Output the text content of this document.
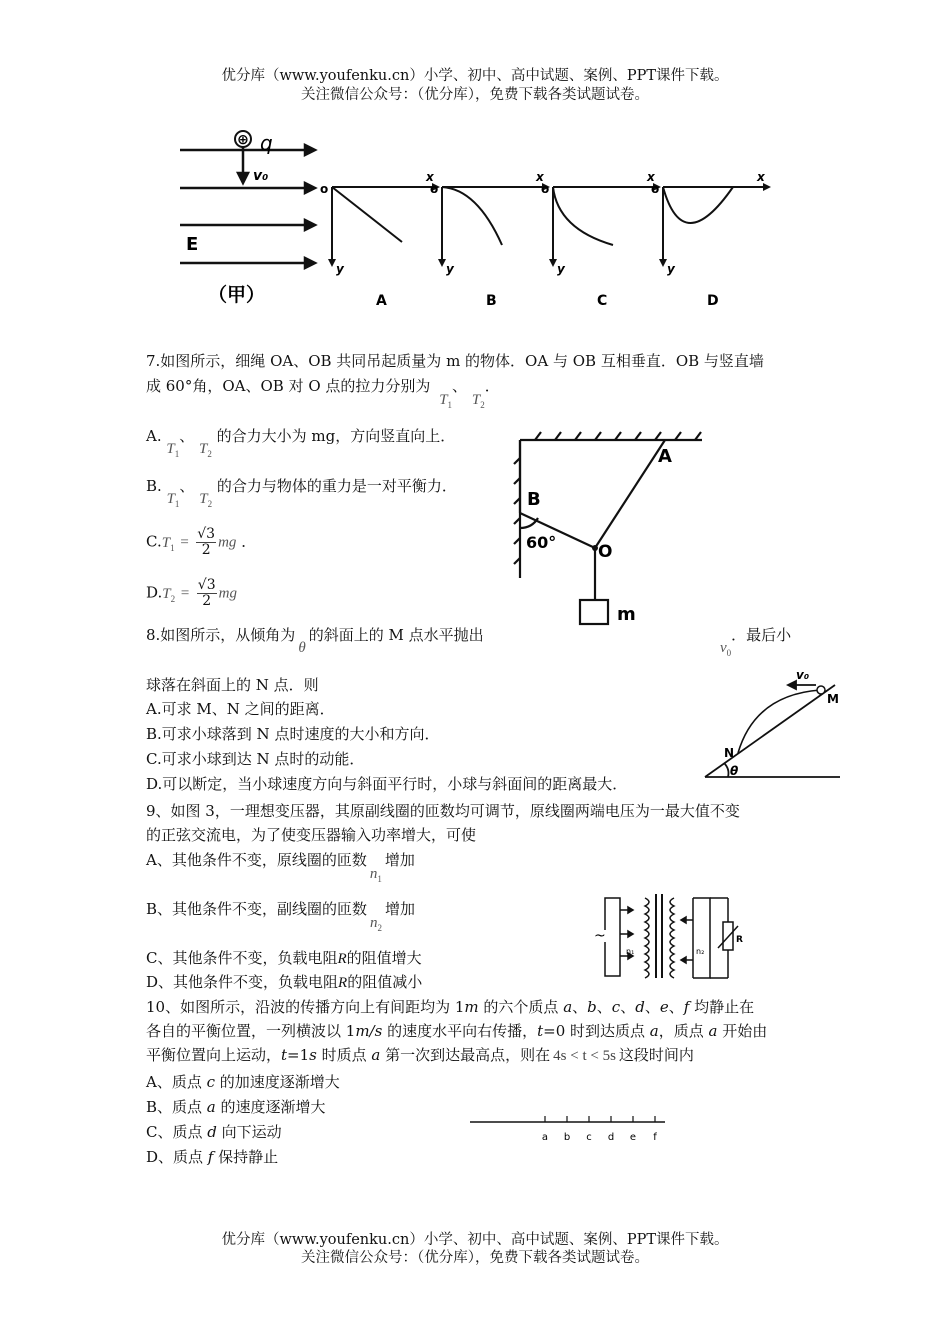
优分库（www.youfenku.cn）小学、初中、高中试题、案例、PPT课件下载。
关注微信公众号：（优分库），免费下载各类试题试卷。
⊕ q
v₀
E
（甲）
o
x
y
A
o
x
y
B
o
x
y
C
o
x
y
D
7.如图所示，细绳 OA、OB 共同吊起质量为 m 的物体．OA 与 OB 互相垂直．OB 与竖直墙
成 60°角，OA、OB 对 O 点的拉力分别为 $T_1$、 $T_2$．
A. $T_1$、 $T_2$ 的合力大小为 mg，方向竖直向上．
B. $T_1$、 $T_2$ 的合力与物体的重力是一对平衡力．
$C.T_1 = \frac{√3}{2}$ mg ．
$D.T_2 = \frac{√3}{2}$ mg
A
B
O
60°
m
8.如图所示，从倾角为θ的斜面上的 M 点水平抛出
$v_0$．最后小
球落在斜面上的 N 点．则
A.可求 M、N 之间的距离．
B.可求小球落到 N 点时速度的大小和方向．
C.可求小球到达 N 点时的动能．
D.可以断定，当小球速度方向与斜面平行时，小球与斜面间的距离最大．
v₀
M
N
θ
9、如图 3，一理想变压器，其原副线圈的匝数均可调节，原线圈两端电压为一最大值不变
的正弦交流电，为了使变压器输入功率增大，可使
A、其他条件不变，原线圈的匝数$n_1$增加
B、其他条件不变，副线圈的匝数$n_2$增加
C、其他条件不变，负载电阻R的阻值增大
D、其他条件不变，负载电阻R的阻值减小
~
n₁	n₂
R
10、如图所示，沿波的传播方向上有间距均为 1m 的六个质点 a、b、c、d、e、f 均静止在
各自的平衡位置，一列横波以 1m/s 的速度水平向右传播，t=0 时到达质点 a，质点 a 开始由
平衡位置向上运动，t=1s 时质点 a 第一次到达最高点，则在 4s < t < 5s 这段时间内
A、质点 c 的加速度逐渐增大
B、质点 a 的速度逐渐增大
C、质点 d 向下运动
D、质点 f 保持静止
a b c d e f
优分库（www.youfenku.cn）小学、初中、高中试题、案例、PPT课件下载。
关注微信公众号：（优分库），免费下载各类试题试卷。
